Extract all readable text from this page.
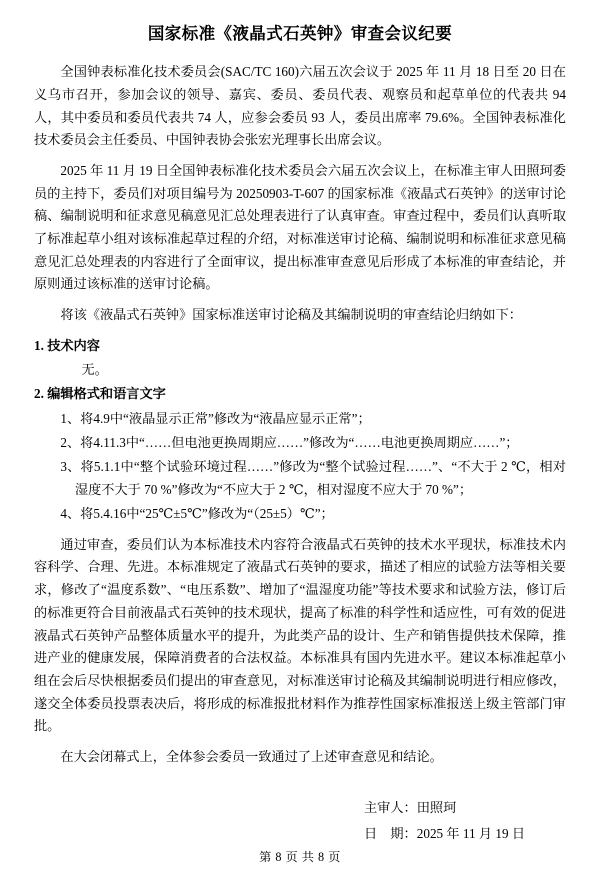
国家标准《液晶式石英钟》审查会议纪要

全国钟表标准化技术委员会(SAC/TC 160)六届五次会议于 2025 年 11 月 18 日至 20 日在义乌市召开，参加会议的领导、嘉宾、委员、委员代表、观察员和起草单位的代表共 94 人，其中委员和委员代表共 74 人，应参会委员 93 人，委员出席率 79.6%。全国钟表标准化技术委员会主任委员、中国钟表协会张宏光理事长出席会议。

2025 年 11 月 19 日全国钟表标准化技术委员会六届五次会议上，在标准主审人田照珂委员的主持下，委员们对项目编号为 20250903-T-607 的国家标准《液晶式石英钟》的送审讨论稿、编制说明和征求意见稿意见汇总处理表进行了认真审查。审查过程中，委员们认真听取了标准起草小组对该标准起草过程的介绍，对标准送审讨论稿、编制说明和标准征求意见稿意见汇总处理表的内容进行了全面审议，提出标准审查意见后形成了本标准的审查结论，并原则通过该标准的送审讨论稿。

将该《液晶式石英钟》国家标准送审讨论稿及其编制说明的审查结论归纳如下：

1. 技术内容
无。
2. 编辑格式和语言文字
1、将4.9中“液晶显示正常”修改为“液晶应显示正常”；
2、将4.11.3中“……但电池更换周期应……”修改为“……电池更换周期应……”；
3、将5.1.1中“整个试验环境过程……”修改为“整个试验过程……”、“不大于 2 ℃，相对湿度不大于 70 %”修改为“不应大于 2 ℃，相对湿度不应大于 70 %”；
4、将5.4.16中“25℃±5℃”修改为“（25±5）℃”；

通过审查，委员们认为本标准技术内容符合液晶式石英钟的技术水平现状，标准技术内容科学、合理、先进。本标准规定了液晶式石英钟的要求，描述了相应的试验方法等相关要求，修改了“温度系数”、“电压系数”、增加了“温湿度功能”等技术要求和试验方法，修订后的标准更符合目前液晶式石英钟的技术现状，提高了标准的科学性和适应性，可有效的促进液晶式石英钟产品整体质量水平的提升，为此类产品的设计、生产和销售提供技术保障，推进产业的健康发展，保障消费者的合法权益。本标准具有国内先进水平。建议本标准起草小组在会后尽快根据委员们提出的审查意见，对标准送审讨论稿及其编制说明进行相应修改，遂交全体委员投票表决后，将形成的标准报批材料作为推荐性国家标准报送上级主管部门审批。

在大会闭幕式上，全体参会委员一致通过了上述审查意见和结论。

主审人：田照珂
日　期：2025 年 11 月 19 日
第 8 页 共 8 页
